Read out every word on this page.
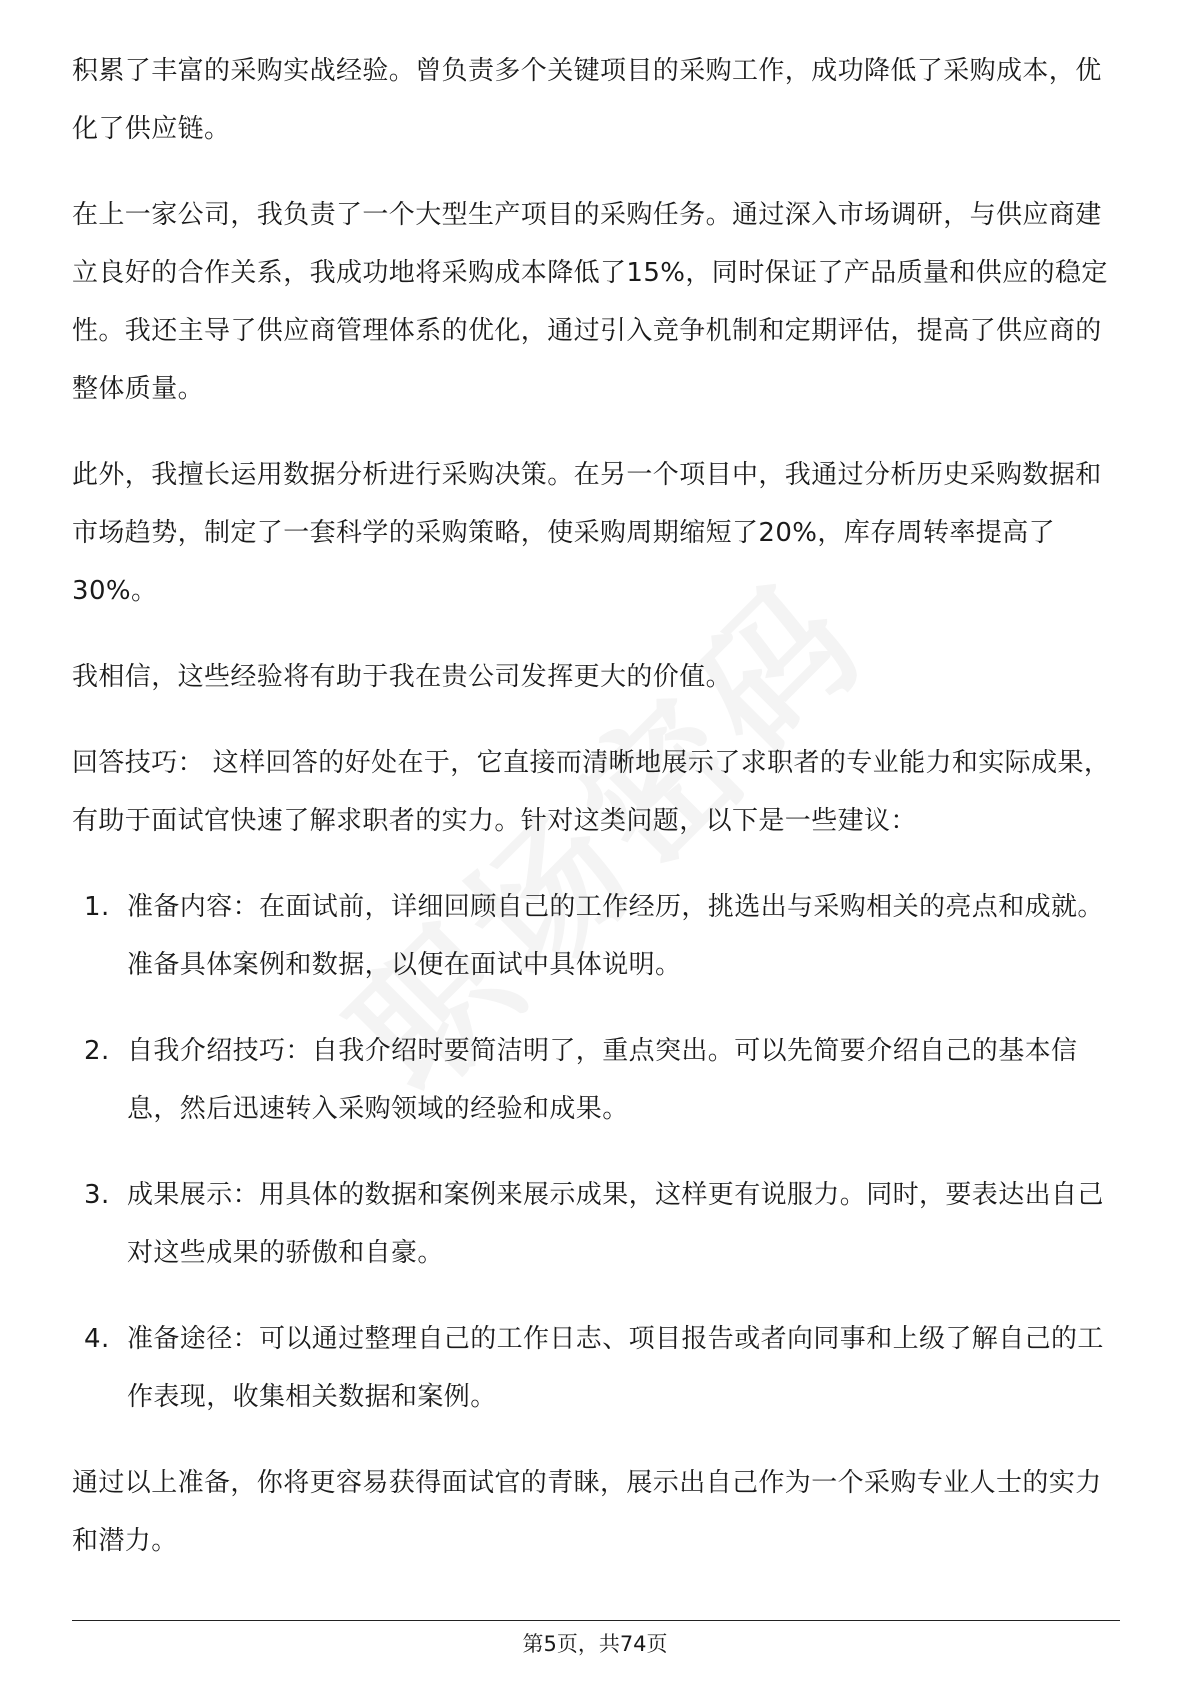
积累了丰富的采购实战经验。曾负责多个关键项目的采购工作，成功降低了采购成本，优化了供应链。

在上一家公司，我负责了一个大型生产项目的采购任务。通过深入市场调研，与供应商建立良好的合作关系，我成功地将采购成本降低了15%，同时保证了产品质量和供应的稳定性。我还主导了供应商管理体系的优化，通过引入竞争机制和定期评估，提高了供应商的整体质量。

此外，我擅长运用数据分析进行采购决策。在另一个项目中，我通过分析历史采购数据和市场趋势，制定了一套科学的采购策略，使采购周期缩短了20%，库存周转率提高了30%。

我相信，这些经验将有助于我在贵公司发挥更大的价值。

回答技巧： 这样回答的好处在于，它直接而清晰地展示了求职者的专业能力和实际成果，有助于面试官快速了解求职者的实力。针对这类问题，以下是一些建议：

1. 准备内容：在面试前，详细回顾自己的工作经历，挑选出与采购相关的亮点和成就。准备具体案例和数据，以便在面试中具体说明。
2. 自我介绍技巧：自我介绍时要简洁明了，重点突出。可以先简要介绍自己的基本信息，然后迅速转入采购领域的经验和成果。
3. 成果展示：用具体的数据和案例来展示成果，这样更有说服力。同时，要表达出自己对这些成果的骄傲和自豪。
4. 准备途径：可以通过整理自己的工作日志、项目报告或者向同事和上级了解自己的工作表现，收集相关数据和案例。

通过以上准备，你将更容易获得面试官的青睐，展示出自己作为一个采购专业人士的实力和潜力。

第5页，共74页
